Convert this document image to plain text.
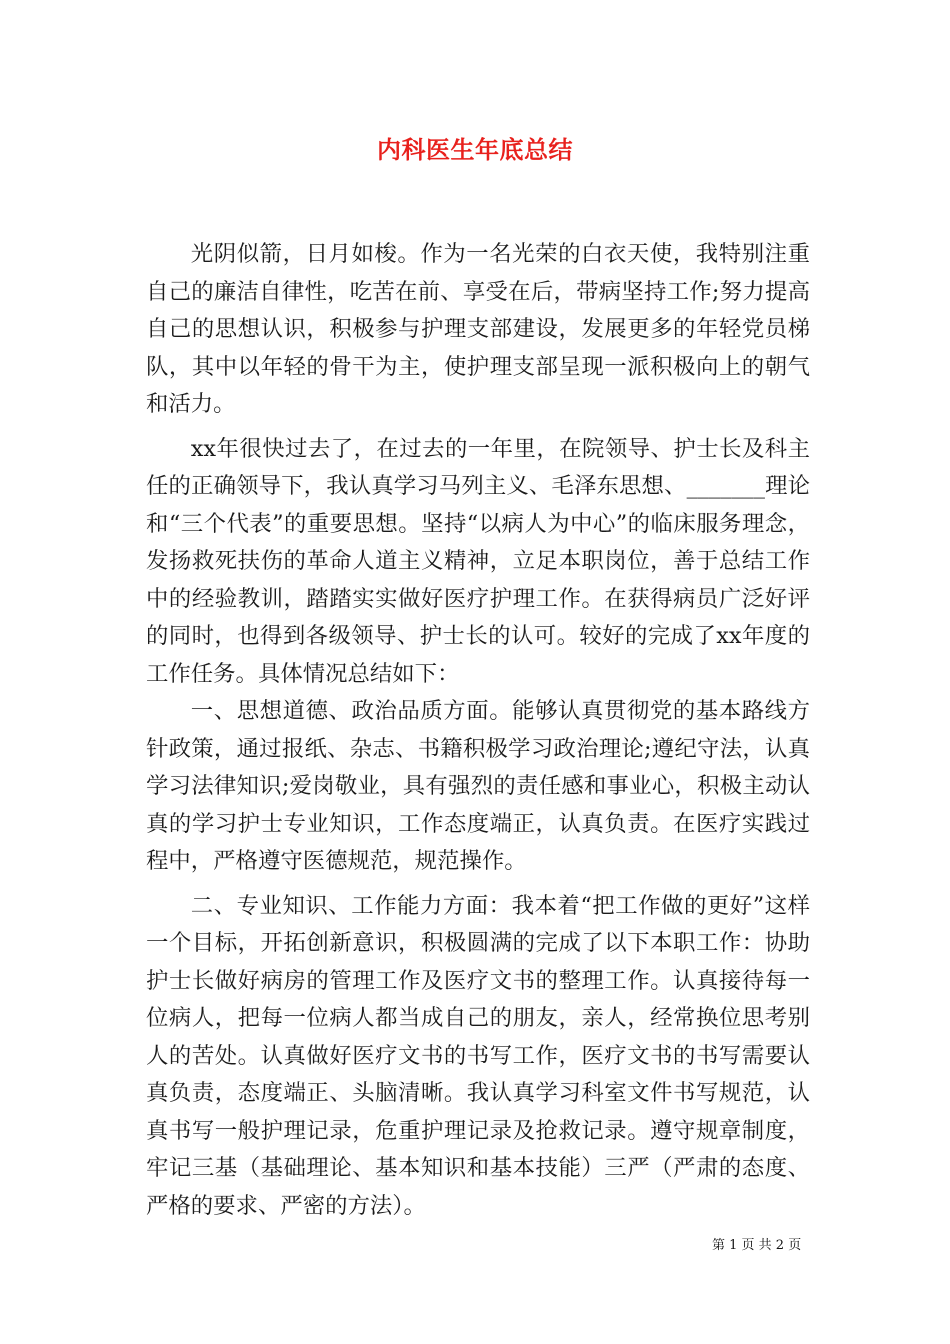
内科医生年底总结

光阴似箭，日月如梭。作为一名光荣的白衣天使，我特别注重自己的廉洁自律性，吃苦在前、享受在后，带病坚持工作;努力提高自己的思想认识，积极参与护理支部建设，发展更多的年轻党员梯队，其中以年轻的骨干为主，使护理支部呈现一派积极向上的朝气和活力。

xx年很快过去了，在过去的一年里，在院领导、护士长及科主任的正确领导下，我认真学习马列主义、毛泽东思想、_______理论和“三个代表”的重要思想。坚持“以病人为中心”的临床服务理念，发扬救死扶伤的革命人道主义精神，立足本职岗位，善于总结工作中的经验教训，踏踏实实做好医疗护理工作。在获得病员广泛好评的同时，也得到各级领导、护士长的认可。较好的完成了xx年度的工作任务。具体情况总结如下：

一、思想道德、政治品质方面。能够认真贯彻党的基本路线方针政策，通过报纸、杂志、书籍积极学习政治理论;遵纪守法，认真学习法律知识;爱岗敬业，具有强烈的责任感和事业心，积极主动认真的学习护士专业知识，工作态度端正，认真负责。在医疗实践过程中，严格遵守医德规范，规范操作。

二、专业知识、工作能力方面：我本着“把工作做的更好”这样一个目标，开拓创新意识，积极圆满的完成了以下本职工作：协助护士长做好病房的管理工作及医疗文书的整理工作。认真接待每一位病人，把每一位病人都当成自己的朋友，亲人，经常换位思考别人的苦处。认真做好医疗文书的书写工作，医疗文书的书写需要认真负责，态度端正、头脑清晰。我认真学习科室文件书写规范，认真书写一般护理记录，危重护理记录及抢救记录。遵守规章制度，牢记三基（基础理论、基本知识和基本技能）三严（严肃的态度、严格的要求、严密的方法）。

第 1 页 共 2 页
